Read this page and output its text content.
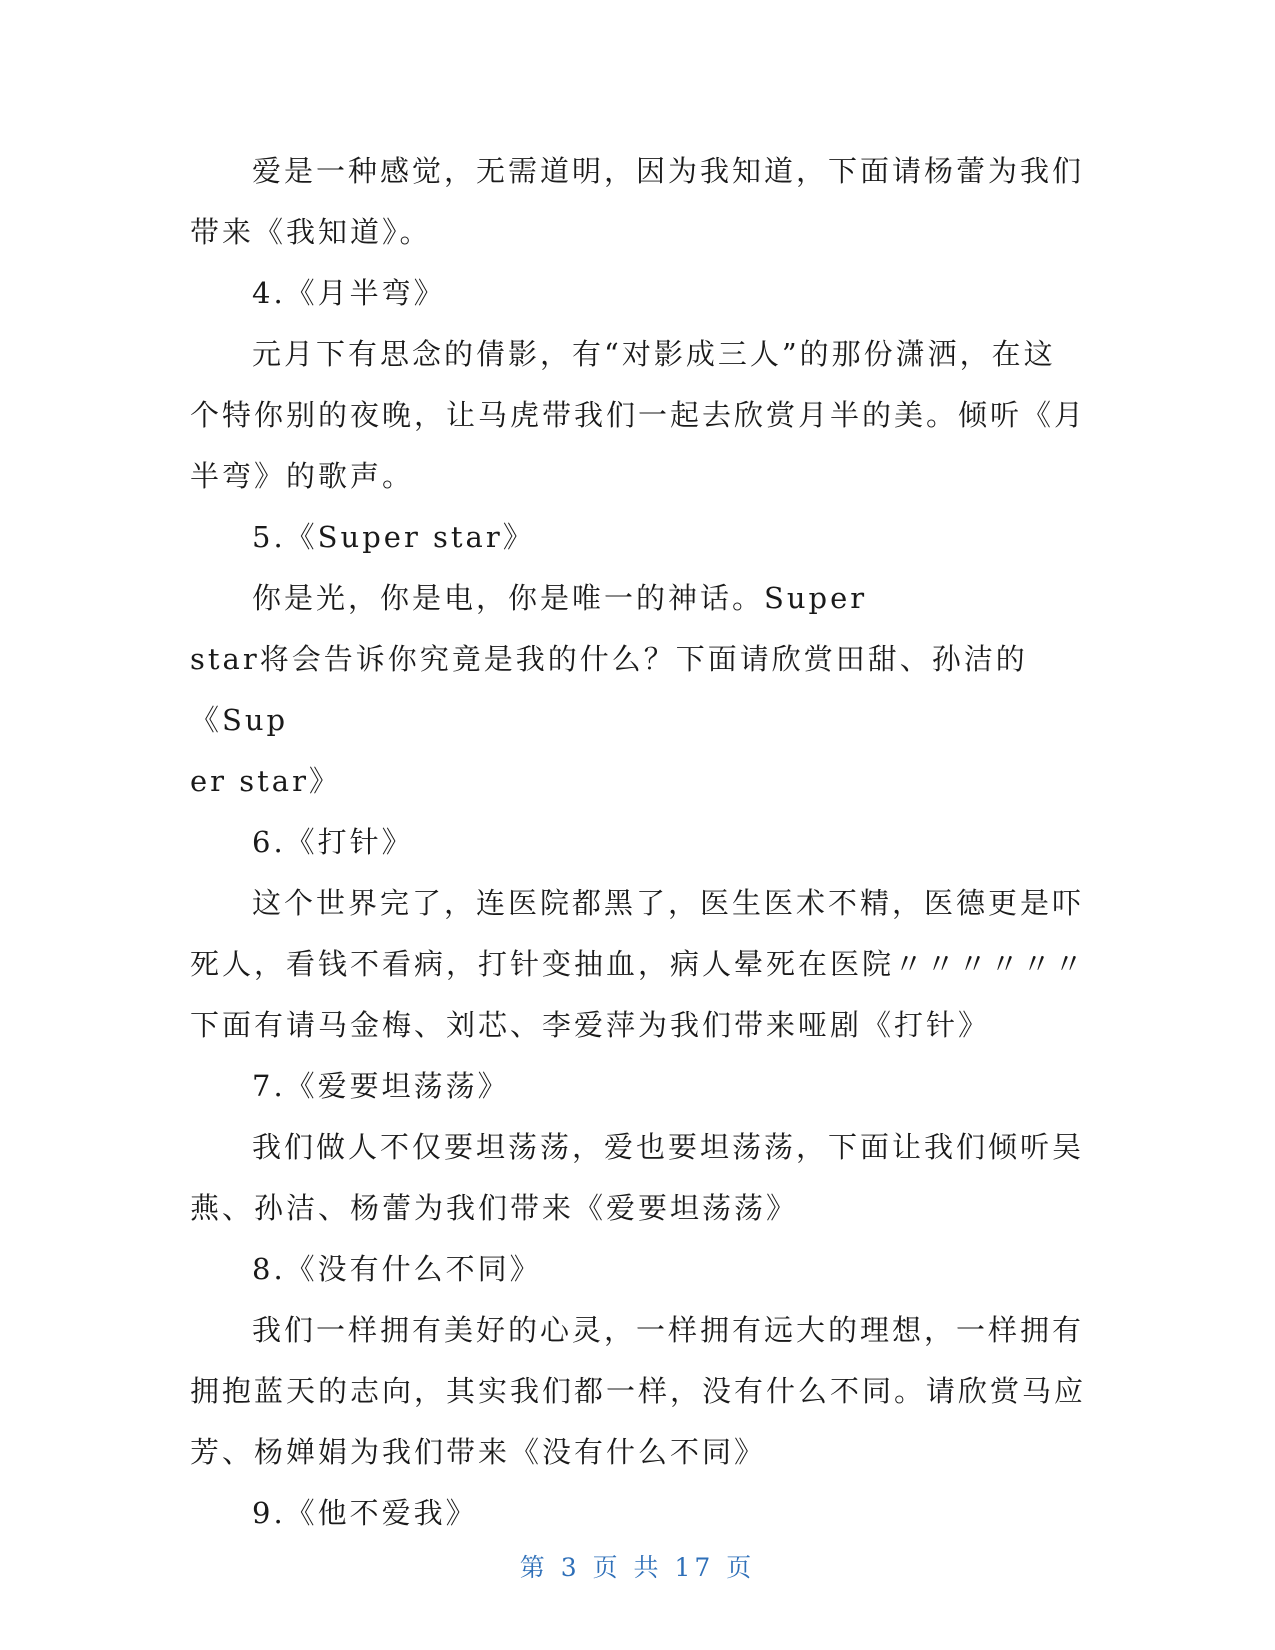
爱是一种感觉，无需道明，因为我知道，下面请杨蕾为我们
带来《我知道》。
4.《月半弯》
元月下有思念的倩影，有“对影成三人”的那份潇洒，在这
个特你别的夜晚，让马虎带我们一起去欣赏月半的美。倾听《月
半弯》的歌声。
5.《Super star》
你是光，你是电，你是唯一的神话。Super
star将会告诉你究竟是我的什么？下面请欣赏田甜、孙洁的《Sup
er star》
6.《打针》
这个世界完了，连医院都黑了，医生医术不精，医德更是吓
死人，看钱不看病，打针变抽血，病人晕死在医院〃〃〃〃〃〃
下面有请马金梅、刘芯、李爱萍为我们带来哑剧《打针》
7.《爱要坦荡荡》
我们做人不仅要坦荡荡，爱也要坦荡荡，下面让我们倾听吴
燕、孙洁、杨蕾为我们带来《爱要坦荡荡》
8.《没有什么不同》
我们一样拥有美好的心灵，一样拥有远大的理想，一样拥有
拥抱蓝天的志向，其实我们都一样，没有什么不同。请欣赏马应
芳、杨婵娟为我们带来《没有什么不同》
9.《他不爱我》
第 3 页 共 17 页
